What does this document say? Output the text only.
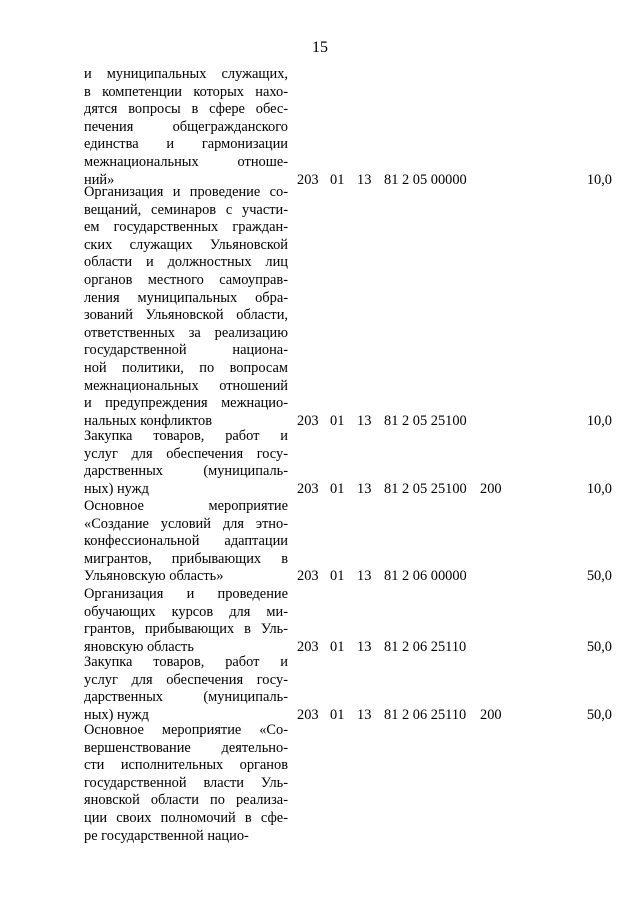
15
и муниципальных служащих,
в компетенции которых нахо-
дятся вопросы в сфере обес-
печения общегражданского
единства и гармонизации
межнациональных отноше-
ний»	203 01 13 81 2 05 00000	10,0
Организация и проведение со-
вещаний, семинаров с участи-
ем государственных граждан-
ских служащих Ульяновской
области и должностных лиц
органов местного самоуправ-
ления муниципальных обра-
зований Ульяновской области,
ответственных за реализацию
государственной национа-
ной политики, по вопросам
межнациональных отношений
и предупреждения межнацио-
нальных конфликтов	203 01 13 81 2 05 25100	10,0
Закупка товаров, работ и
услуг для обеспечения госу-
дарственных (муниципаль-
ных) нужд	203 01 13 81 2 05 25100 200	10,0
Основное мероприятие
«Создание условий для этно-
конфессиональной адаптации
мигрантов, прибывающих в
Ульяновскую область»	203 01 13 81 2 06 00000	50,0
Организация и проведение
обучающих курсов для ми-
грантов, прибывающих в Уль-
яновскую область	203 01 13 81 2 06 25110	50,0
Закупка товаров, работ и
услуг для обеспечения госу-
дарственных (муниципаль-
ных) нужд	203 01 13 81 2 06 25110 200	50,0
Основное мероприятие «Со-
вершенствование деятельно-
сти исполнительных органов
государственной власти Уль-
яновской области по реализа-
ции своих полномочий в сфе-
ре государственной нацио-
